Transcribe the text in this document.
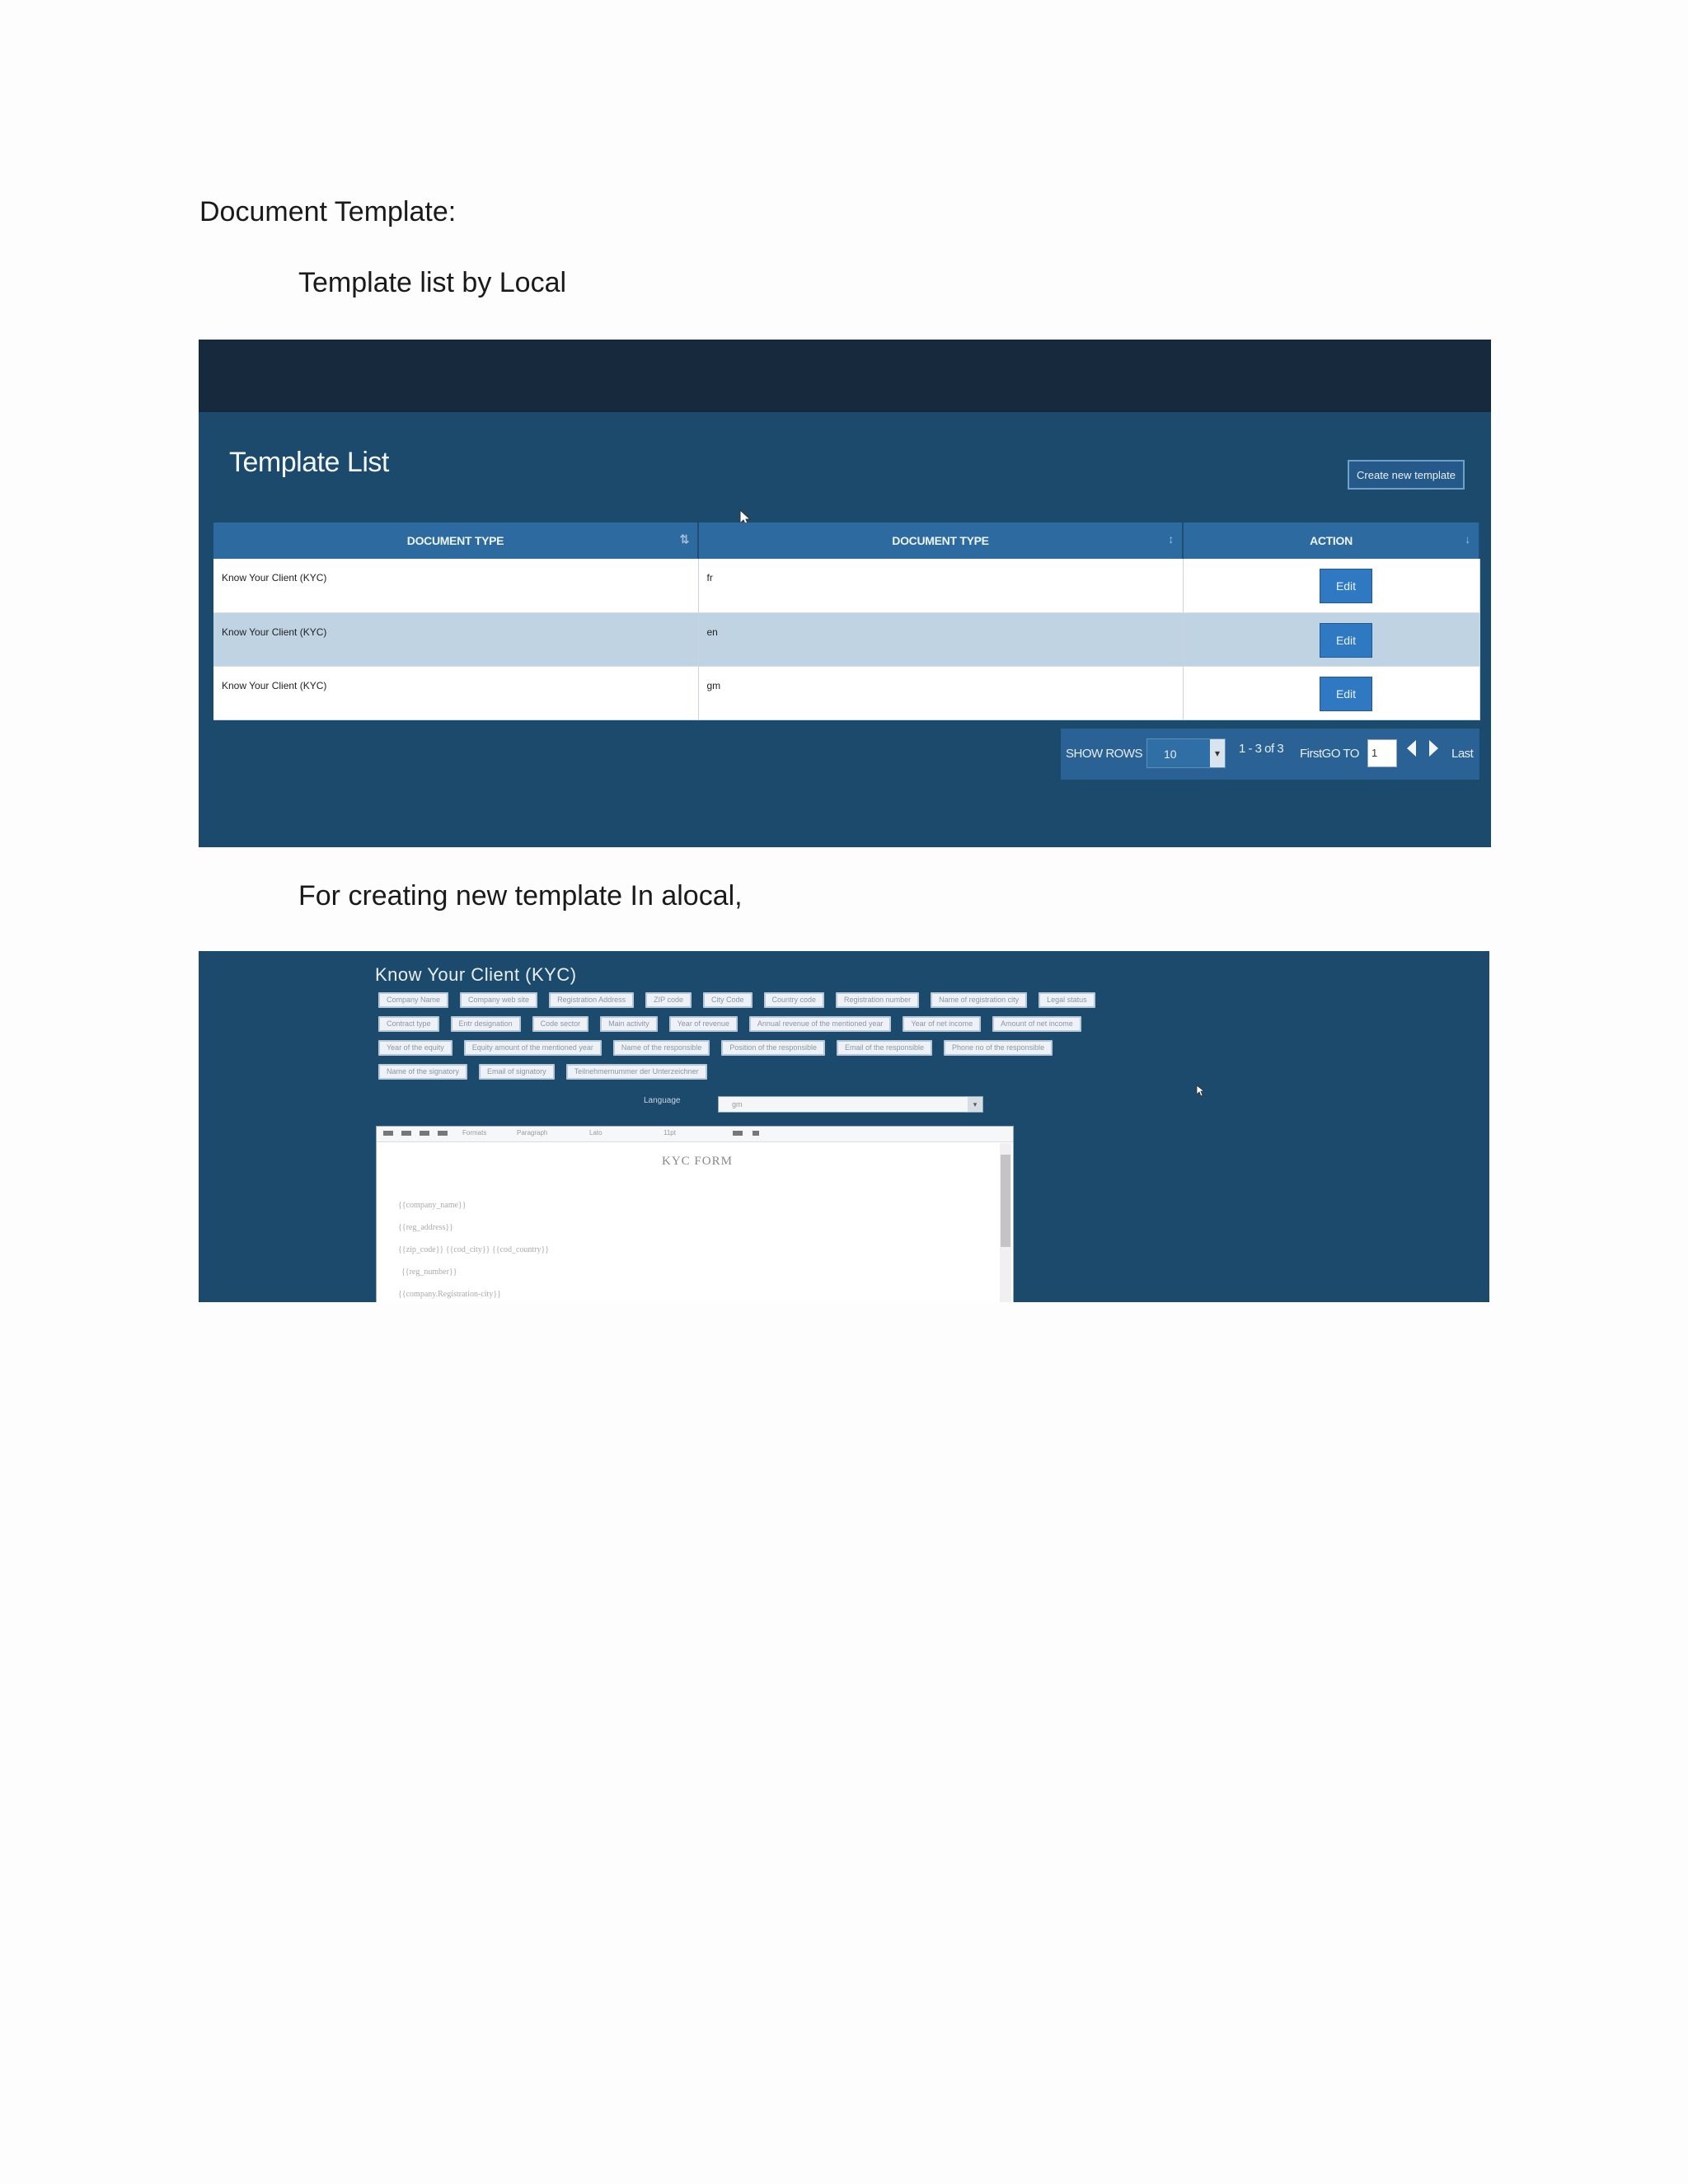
Document Template:
Template list by Local
Template List	Create new template
DOCUMENT TYPE ⇅	DOCUMENT TYPE ↕	ACTION ↓

Know Your Client (KYC)	fr	Edit
Know Your Client (KYC)	en	Edit
Know Your Client (KYC)	gm	Edit
SHOW ROWS 10	▾	1 - 3 of 3 FirstGO TO	1	Last
For creating new template In alocal,
Know Your Client (KYC)
Company Name	Company web site	Registration Address	ZIP code	City Code	Country code	Registration number	Name of registration city	Legal status
Contract type	Entr designation	Code sector	Main activity	Year of revenue	Annual revenue of the mentioned year	Year of net income	Amount of net income
Year of the equity	Equity amount of the mentioned year	Name of the responsible	Position of the responsible	Email of the responsible	Phone no of the responsible
Name of the signatory	Email of signatory	Teilnehmernummer der Unterzeichner
Language	gm	▾
Formats	Paragraph	Lato	11pt
KYC FORM
{{company_name}}
{{reg_address}}
{{zip_code}} {{cod_city}} {{cod_country}}
{{reg_number}}
{{company.Registration-city}}
